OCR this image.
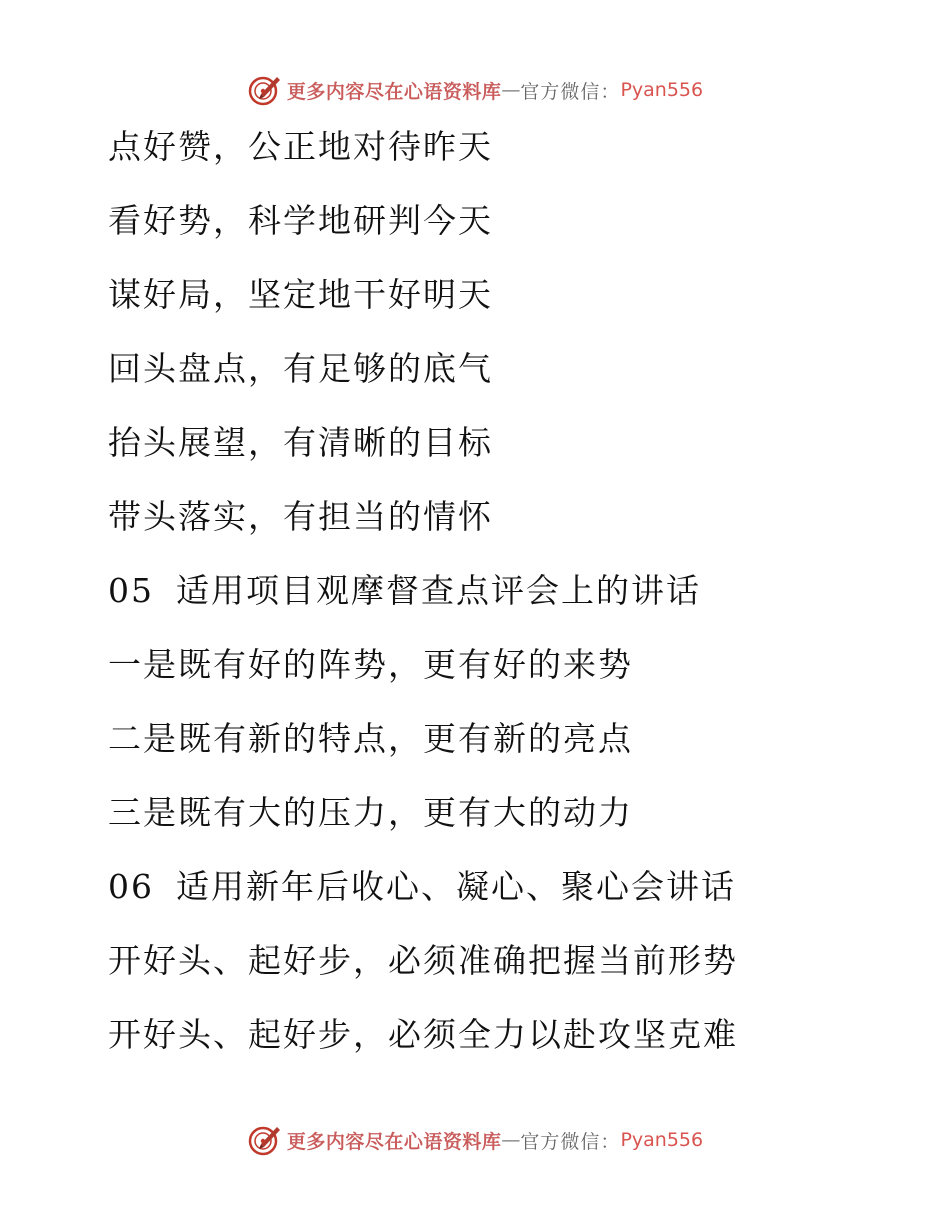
更多内容尽在心语资料库 — 官方微信： Pyan556
点好赞，公正地对待昨天
看好势，科学地研判今天
谋好局，坚定地干好明天
回头盘点，有足够的底气
抬头展望，有清晰的目标
带头落实，有担当的情怀
05 适用项目观摩督查点评会上的讲话
一是既有好的阵势，更有好的来势
二是既有新的特点，更有新的亮点
三是既有大的压力，更有大的动力
06 适用新年后收心、凝心、聚心会讲话
开好头、起好步，必须准确把握当前形势
开好头、起好步，必须全力以赴攻坚克难
更多内容尽在心语资料库 — 官方微信： Pyan556
